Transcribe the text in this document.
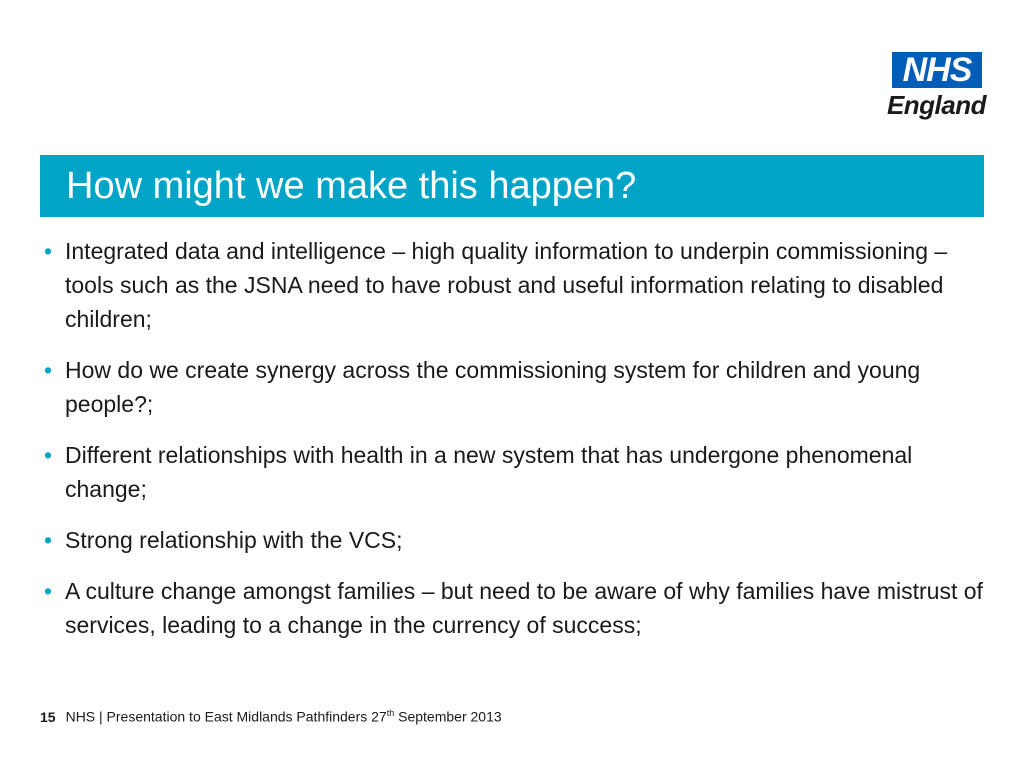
NHS
England
How might we make this happen?
• Integrated data and intelligence – high quality information to underpin commissioning – tools such as the JSNA need to have robust and useful information relating to disabled children;
• How do we create synergy across the commissioning system for children and young people?;
• Different relationships with health in a new system that has undergone phenomenal change;
• Strong relationship with the VCS;
• A culture change amongst families – but need to be aware of why families have mistrust of services, leading to a change in the currency of success;
15 NHS | Presentation to East Midlands Pathfinders 27th September 2013
